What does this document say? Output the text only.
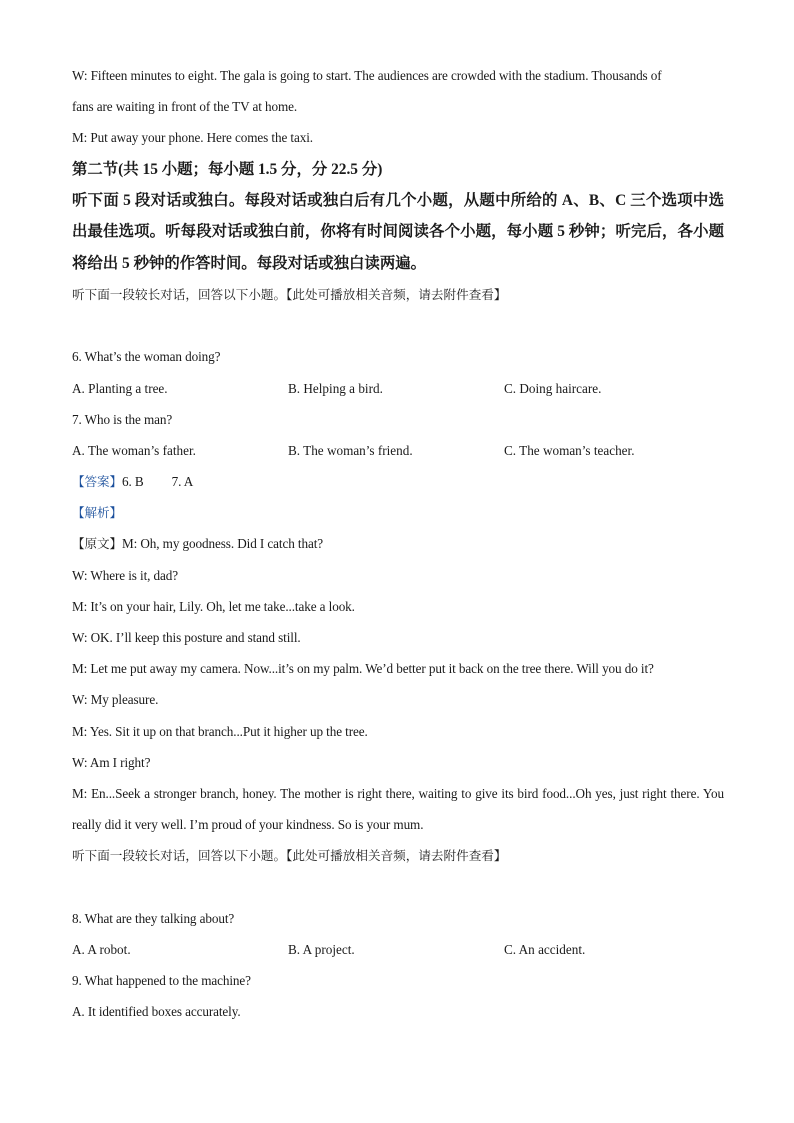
W: Fifteen minutes to eight. The gala is going to start. The audiences are crowded with the stadium. Thousands of
fans are waiting in front of the TV at home.
M: Put away your phone. Here comes the taxi.
第二节(共 15 小题；每小题 1.5 分，分 22.5 分)
听下面 5 段对话或独白。每段对话或独白后有几个小题，从题中所给的 A、B、C 三个选项中选出最佳选项。听每段对话或独白前，你将有时间阅读各个小题，每小题 5 秒钟；听完后，各小题将给出 5 秒钟的作答时间。每段对话或独白读两遍。
听下面一段较长对话，回答以下小题。【此处可播放相关音频，请去附件查看】
6. What’s the woman doing?
A. Planting a tree.	B. Helping a bird.	C. Doing haircare.
7. Who is the man?
A. The woman’s father.	B. The woman’s friend.	C. The woman’s teacher.
【答案】6. B 7. A
【解析】
【原文】M: Oh, my goodness. Did I catch that?
W: Where is it, dad?
M: It’s on your hair, Lily. Oh, let me take...take a look.
W: OK. I’ll keep this posture and stand still.
M: Let me put away my camera. Now...it’s on my palm. We’d better put it back on the tree there. Will you do it?
W: My pleasure.
M: Yes. Sit it up on that branch...Put it higher up the tree.
W: Am I right?
M: En...Seek a stronger branch, honey. The mother is right there, waiting to give its bird food...Oh yes, just right there. You really did it very well. I’m proud of your kindness. So is your mum.
听下面一段较长对话，回答以下小题。【此处可播放相关音频，请去附件查看】
8. What are they talking about?
A. A robot.	B. A project.	C. An accident.
9. What happened to the machine?
A. It identified boxes accurately.
